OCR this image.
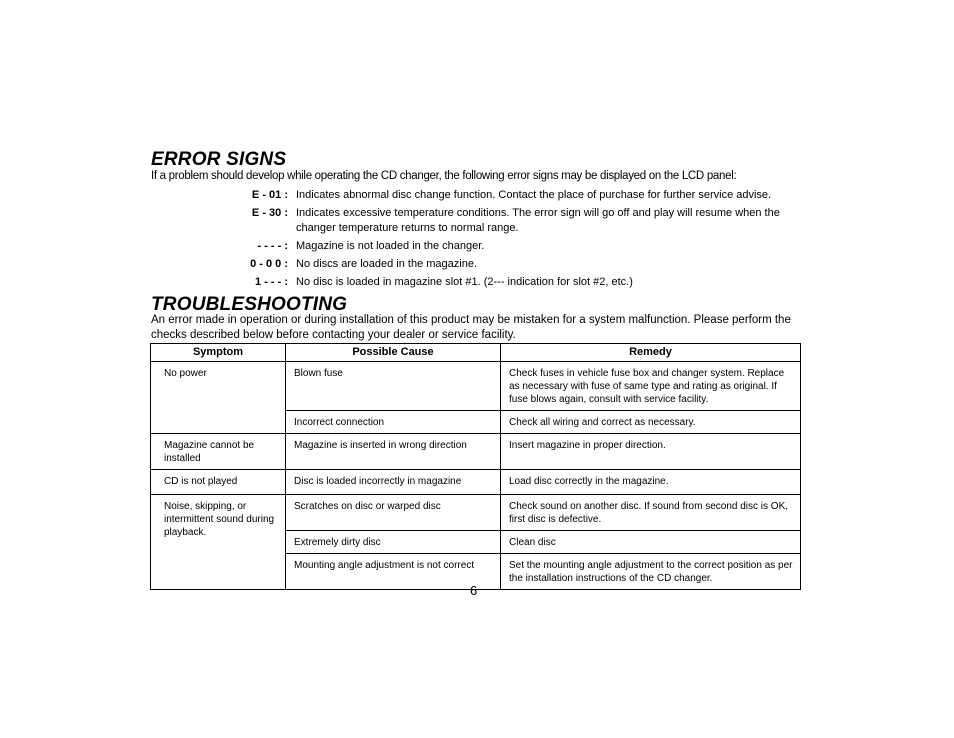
ERROR SIGNS
If a problem should develop while operating the CD changer, the following error signs may be displayed on the LCD panel:
E - 01 : Indicates abnormal disc change function. Contact the place of purchase for further service advise.
E - 30 : Indicates excessive temperature conditions. The error sign will go off and play will resume when the changer temperature returns to normal range.
- - - - : Magazine is not loaded in the changer.
0 - 0 0 : No discs are loaded in the magazine.
1 - - - : No disc is loaded in magazine slot #1. (2--- indication for slot #2, etc.)
TROUBLESHOOTING
An error made in operation or during installation of this product may be mistaken for a system malfunction. Please perform the checks described below before contacting your dealer or service facility.
Symptom	Possible Cause	Remedy

No power	Blown fuse	Check fuses in vehicle fuse box and changer system. Replace as necessary with fuse of same type and rating as original. If fuse blows again, consult with service facility.

	Incorrect connection	Check all wiring and correct as necessary.

Magazine cannot be installed	Magazine is inserted in wrong direction	Insert magazine in proper direction.

CD is not played	Disc is loaded incorrectly in magazine	Load disc correctly in the magazine.

Noise, skipping, or intermittent sound during playback.	Scratches on disc or warped disc	Check sound on another disc. If sound from second disc is OK, first disc is defective.

	Extremely dirty disc	Clean disc

	Mounting angle adjustment is not correct	Set the mounting angle adjustment to the correct position as per the installation instructions of the CD changer.
6
